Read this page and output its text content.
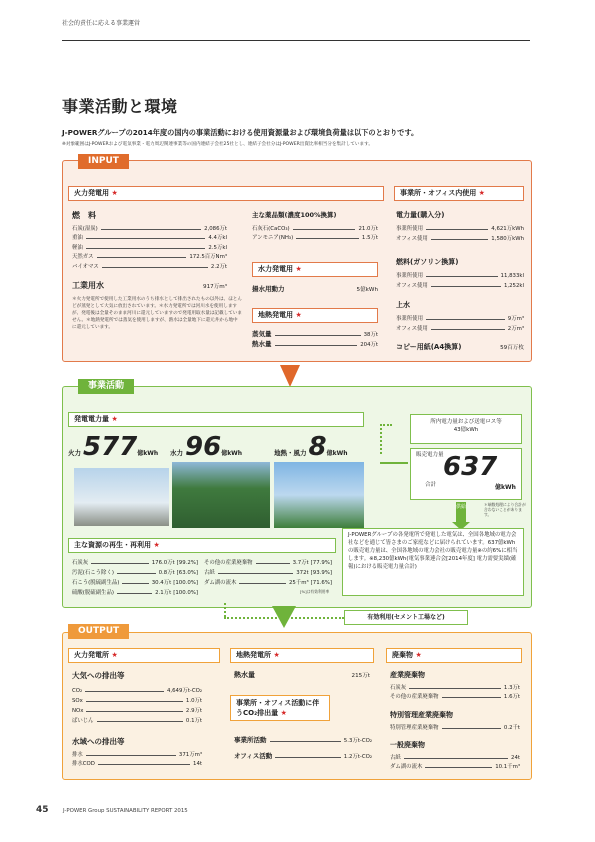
社会的責任に応える事業運営
事業活動と環境
J-POWERグループの2014年度の国内の事業活動における使用資源量および環境負荷量は以下のとおりです。
※対象範囲はJ-POWERおよび電気事業・電力周辺関連事業等の国内連結子会社25社とし、連結子会社分はJ-POWER出資比率相当分を集計しています。
INPUT
火力発電用 ★
燃　料
石炭(湿炭)	2,086万t
重油	4.4万kl
軽油	2.5万kl
天然ガス	172.5百万Nm³
バイオマス	2.2万t
工業用水	917万m³
＊火力発電所で使用した工業用水のうち排水として排出されたもの以外は、ほとんどが蒸発として大気に放出されています。＊水力発電所では河川水を使用しますが、発電後は全量そのまま河川に還元していますので発電用取水量は記載していません。＊地熱発電所では蒸気を使用しますが、熱水は全量地下に還元井から地中に還元しています。
主な薬品類(濃度100%換算)
石灰石(CaCO₃)	21.0万t
アンモニア(NH₃)	1.5万t
水力発電用 ★
揚水用動力	5億kWh
地熱発電用 ★
蒸気量	38万t
熱水量	204万t
事業所・オフィス内使用 ★
電力量(購入分)
事業所使用	4,621万kWh
オフィス使用	1,580万kWh
燃料(ガソリン換算)
事業所使用	11,833kl
オフィス使用	1,252kl
上水
事業所使用	9万m³
オフィス使用	2万m³
コピー用紙(A4換算)	59百万枚
事業活動
発電電力量 ★
火力577億kWh 水力96億kWh	地熱・風力8億kWh
所内電力量および送電ロス等
43億kWh
販売電力量
合計
637
億kWh
＊端数処理により合計が合わないことがあります。
供給
J-POWERグループの各発電所で発電した電気は、全国各地域の電力会社などを通じて皆さまのご家庭などに届けられています。637億kWhの販売電力量は、全国各地域の電力会社の販売電力量※の約6%に相当します。※8,230億kWh(電気事業連合会[2014年度] 電力需要実績(確報)における販売電力量合計)
主な資源の再生・再利用 ★
石炭灰	176.0万t [99.2%]
汚泥(石こう除く)	0.8万t [63.0%]
石こう(脱硫副生品)	30.4万t [100.0%]
硫酸(脱硫副生品)	2.1万t [100.0%]
その他の産業廃棄物	3.7万t [77.9%]
古紙	372t [93.9%]
ダム湖の流木	25千m³ [71.6%]
[%]は有効利用率
有効利用(セメント工場など)
OUTPUT
火力発電所 ★
大気への排出等
CO₂	4,649万t-CO₂
SOx	1.0万t
NOx	2.9万t
ばいじん	0.1万t
水域への排出等
排水	371万m³
排水COD	14t
地熱発電所 ★
熱水量	215万t
事業所・オフィス活動に伴うCO₂排出量 ★
事業所活動	5.3万t-CO₂
オフィス活動	1.2万t-CO₂
廃棄物 ★
産業廃棄物
石炭灰	1.3万t
その他の産業廃棄物	1.6万t
特別管理産業廃棄物
特別管理産業廃棄物	0.2千t
一般廃棄物
古紙	24t
ダム湖の流木	10.1千m³
45	J-POWER Group SUSTAINABILITY REPORT 2015
